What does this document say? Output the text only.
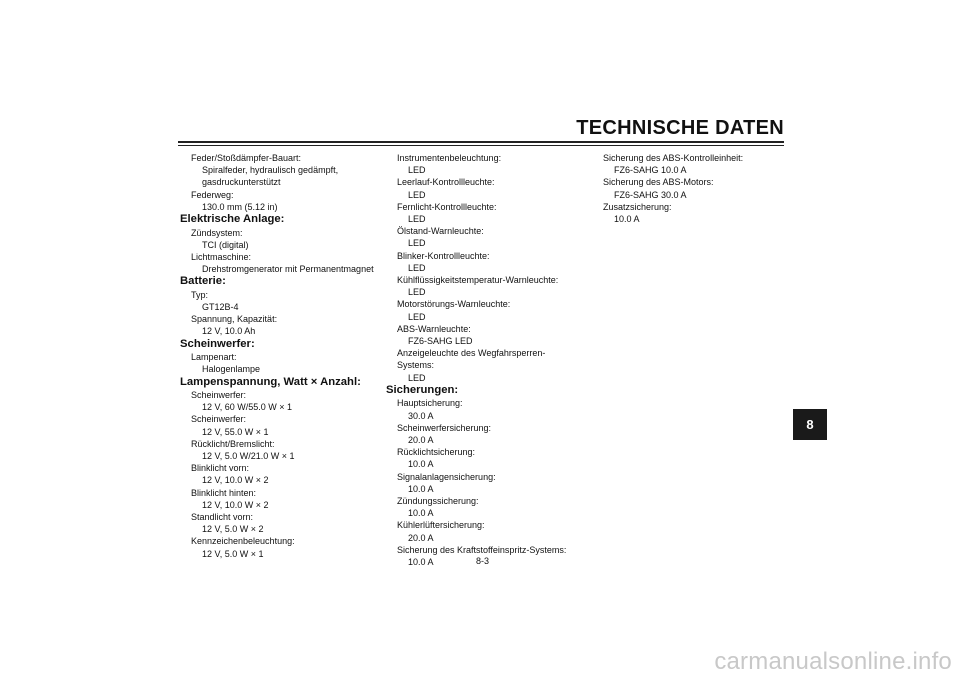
TECHNISCHE DATEN
Feder/Stoßdämpfer-Bauart:
Spiralfeder, hydraulisch gedämpft,
gasdruckunterstützt
Federweg:
130.0 mm (5.12 in)
Elektrische Anlage:
Zündsystem:
TCI (digital)
Lichtmaschine:
Drehstromgenerator mit Permanentmagnet
Batterie:
Typ:
GT12B-4
Spannung, Kapazität:
12 V, 10.0 Ah
Scheinwerfer:
Lampenart:
Halogenlampe
Lampenspannung, Watt × Anzahl:
Scheinwerfer:
12 V, 60 W/55.0 W × 1
Scheinwerfer:
12 V, 55.0 W × 1
Rücklicht/Bremslicht:
12 V, 5.0 W/21.0 W × 1
Blinklicht vorn:
12 V, 10.0 W × 2
Blinklicht hinten:
12 V, 10.0 W × 2
Standlicht vorn:
12 V, 5.0 W × 2
Kennzeichenbeleuchtung:
12 V, 5.0 W × 1
Instrumentenbeleuchtung:
LED
Leerlauf-Kontrollleuchte:
LED
Fernlicht-Kontrollleuchte:
LED
Ölstand-Warnleuchte:
LED
Blinker-Kontrollleuchte:
LED
Kühlflüssigkeitstemperatur-Warnleuchte:
LED
Motorstörungs-Warnleuchte:
LED
ABS-Warnleuchte:
FZ6-SAHG LED
Anzeigeleuchte des Wegfahrsperren-
Systems:
LED
Sicherungen:
Hauptsicherung:
30.0 A
Scheinwerfersicherung:
20.0 A
Rücklichtsicherung:
10.0 A
Signalanlagensicherung:
10.0 A
Zündungssicherung:
10.0 A
Kühlerlüftersicherung:
20.0 A
Sicherung des Kraftstoffeinspritz-Systems:
10.0 A
Sicherung des ABS-Kontrolleinheit:
FZ6-SAHG 10.0 A
Sicherung des ABS-Motors:
FZ6-SAHG 30.0 A
Zusatzsicherung:
10.0 A
8-3
8
carmanualsonline.info
